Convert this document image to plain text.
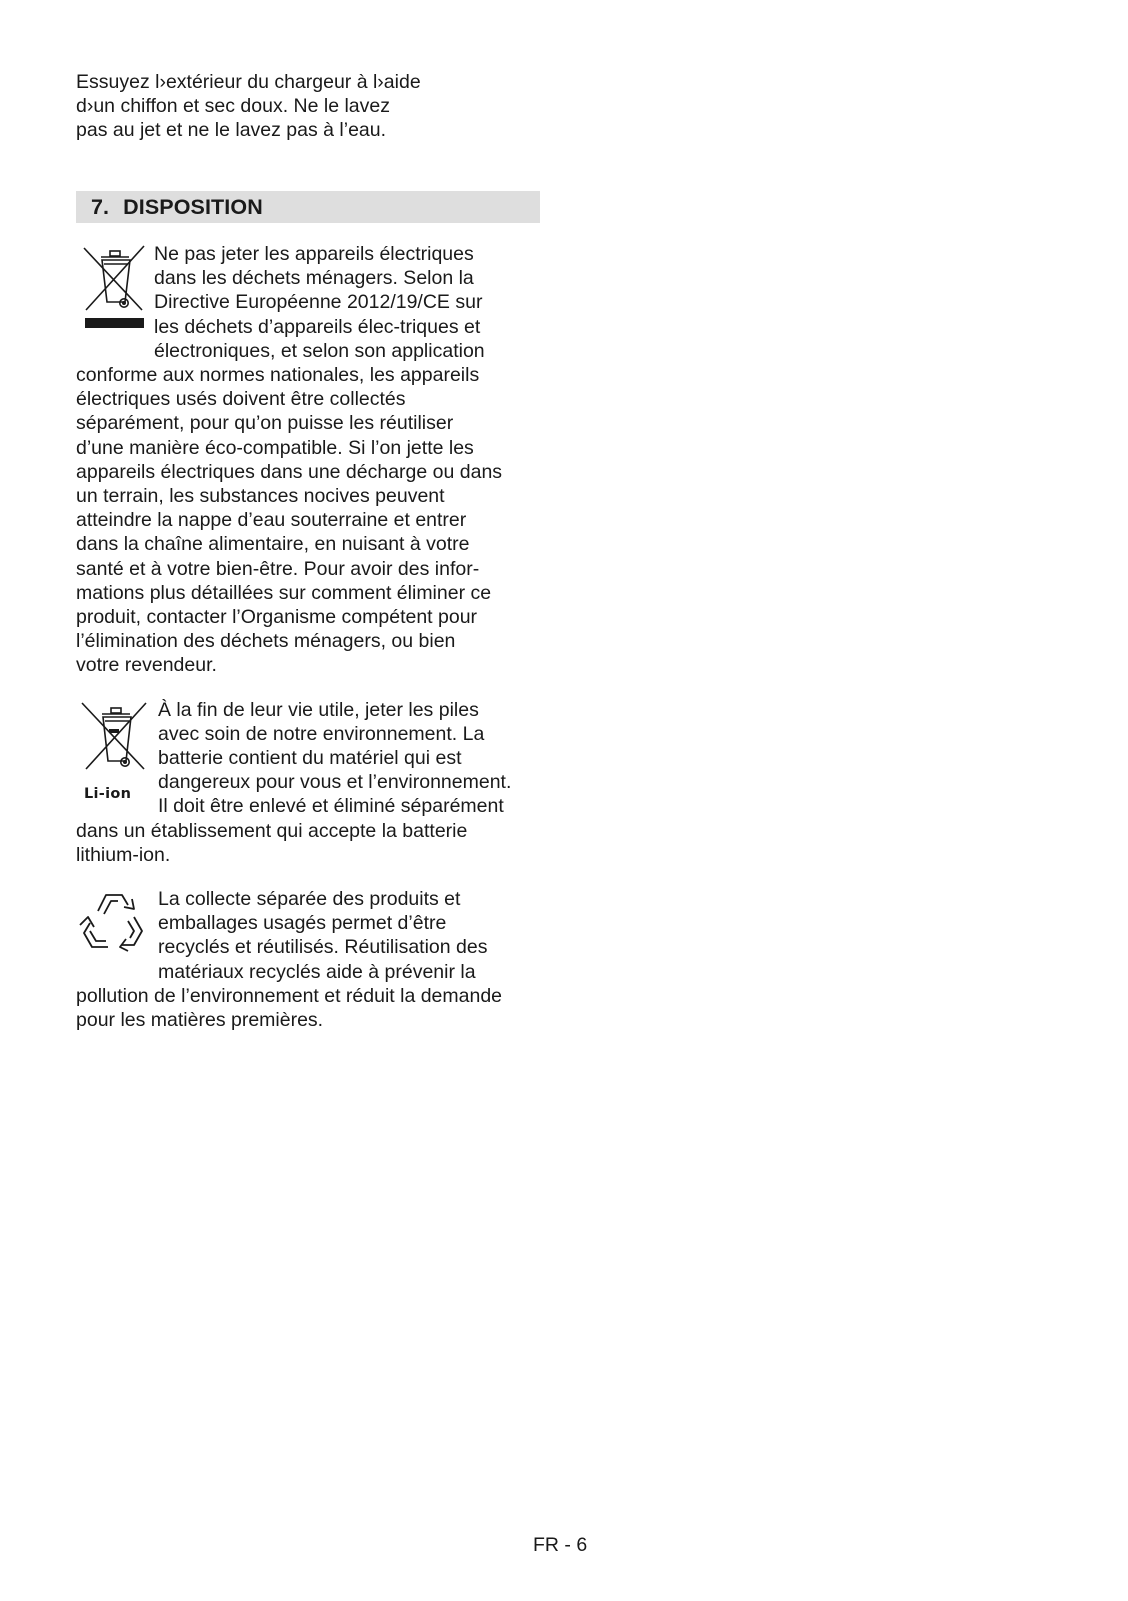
Essuyez l›extérieur du chargeur à l›aide
d›un chiffon et sec doux. Ne le lavez
pas au jet et ne le lavez pas à l’eau.
7. DISPOSITION
Ne pas jeter les appareils électriques
dans les déchets ménagers. Selon la
Directive Européenne 2012/19/CE sur
les déchets d’appareils élec-triques et
électroniques, et selon son application
conforme aux normes nationales, les appareils
électriques usés doivent être collectés
séparément, pour qu’on puisse les réutiliser
d’une manière éco-compatible. Si l’on jette les
appareils électriques dans une décharge ou dans
un terrain, les substances nocives peuvent
atteindre la nappe d’eau souterraine et entrer
dans la chaîne alimentaire, en nuisant à votre
santé et à votre bien-être. Pour avoir des infor-
mations plus détaillées sur comment éliminer ce
produit, contacter l’Organisme compétent pour
l’élimination des déchets ménagers, ou bien
votre revendeur.
Li-ion
À la fin de leur vie utile, jeter les piles
avec soin de notre environnement. La
batterie contient du matériel qui est
dangereux pour vous et l’environnement.
Il doit être enlevé et éliminé séparément
dans un établissement qui accepte la batterie
lithium-ion.
La collecte séparée des produits et
emballages usagés permet d’être
recyclés et réutilisés. Réutilisation des
matériaux recyclés aide à prévenir la
pollution de l’environnement et réduit la demande
pour les matières premières.
FR - 6
